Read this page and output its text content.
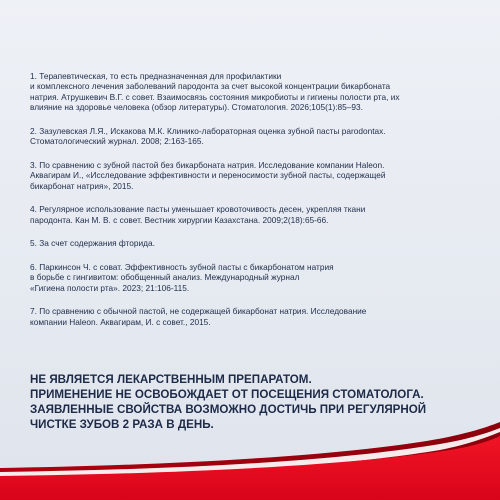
1. Терапевтическая, то есть предназначенная для профилактики
и комплексного лечения заболеваний пародонта за счет высокой концентрации бикарбоната
натрия. Атрушкевич В.Г. с совет. Взаимосвязь состояния микробиоты и гигиены полости рта, их
влияние на здоровье человека (обзор литературы). Стоматология. 2026;105(1):85–93.
2. Зазулевская Л.Я., Искакова М.К. Клинико-лабораторная оценка зубной пасты parodontax.
Стоматологический журнал. 2008; 2:163-165.
3. По сравнению с зубной пастой без бикарбоната натрия. Исследование компании Haleon.
Аквагирам И., «Исследование эффективности и переносимости зубной пасты, содержащей
бикарбонат натрия», 2015.
4. Регулярное использование пасты уменьшает кровоточивость десен, укрепляя ткани
пародонта. Кан М. В. с совет. Вестник хирургии Казахстана. 2009;2(18):65-66.
5. За счет содержания фторида.
6. Паркинсон Ч. с соват. Эффективность зубной пасты с бикарбонатом натрия
в борьбе с гингивитом: обобщенный анализ. Международный журнал
«Гигиена полости рта». 2023; 21:106-115.
7. По сравнению с обычной пастой, не содержащей бикарбонат натрия. Исследование
компании Haleon. Аквагирам, И. с совет., 2015.
НЕ ЯВЛЯЕТСЯ ЛЕКАРСТВЕННЫМ ПРЕПАРАТОМ.
ПРИМЕНЕНИЕ НЕ ОСВОБОЖДАЕТ ОТ ПОСЕЩЕНИЯ СТОМАТОЛОГА.
ЗАЯВЛЕННЫЕ СВОЙСТВА ВОЗМОЖНО ДОСТИЧЬ ПРИ РЕГУЛЯРНОЙ
ЧИСТКЕ ЗУБОВ 2 РАЗА В ДЕНЬ.
